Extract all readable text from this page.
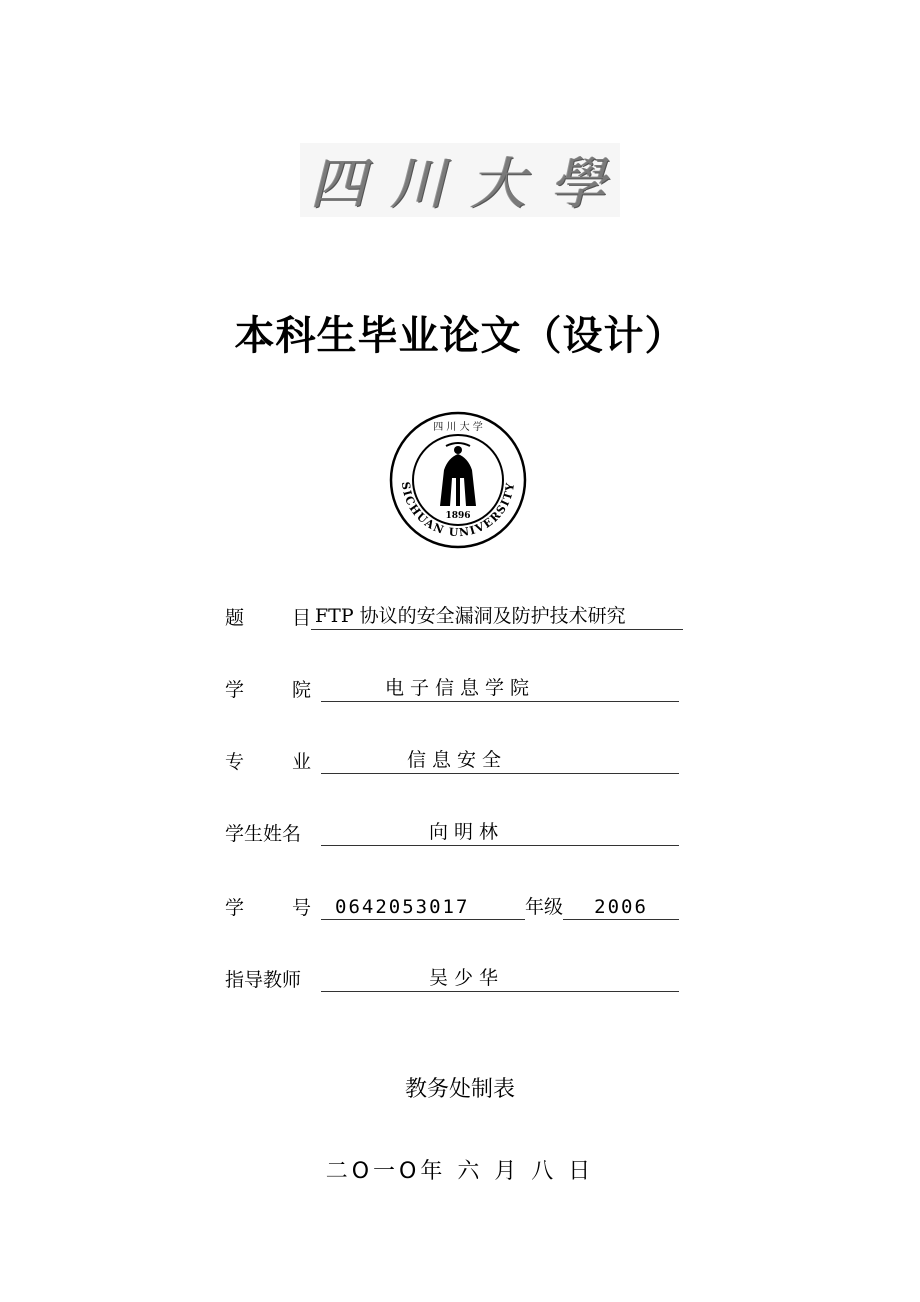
四 川 大 學
本科生毕业论文（设计）
SICHUAN UNIVERSITY
四 川 大 学
1896
题	目 FTP 协议的安全漏洞及防护技术研究
学	院	电子信息学院
专	业	信息安全
学生姓名	向明林
学	号	0642053017	年级	2006
指导教师	吴少华
教务处制表
二O一O年 六 月 八 日
